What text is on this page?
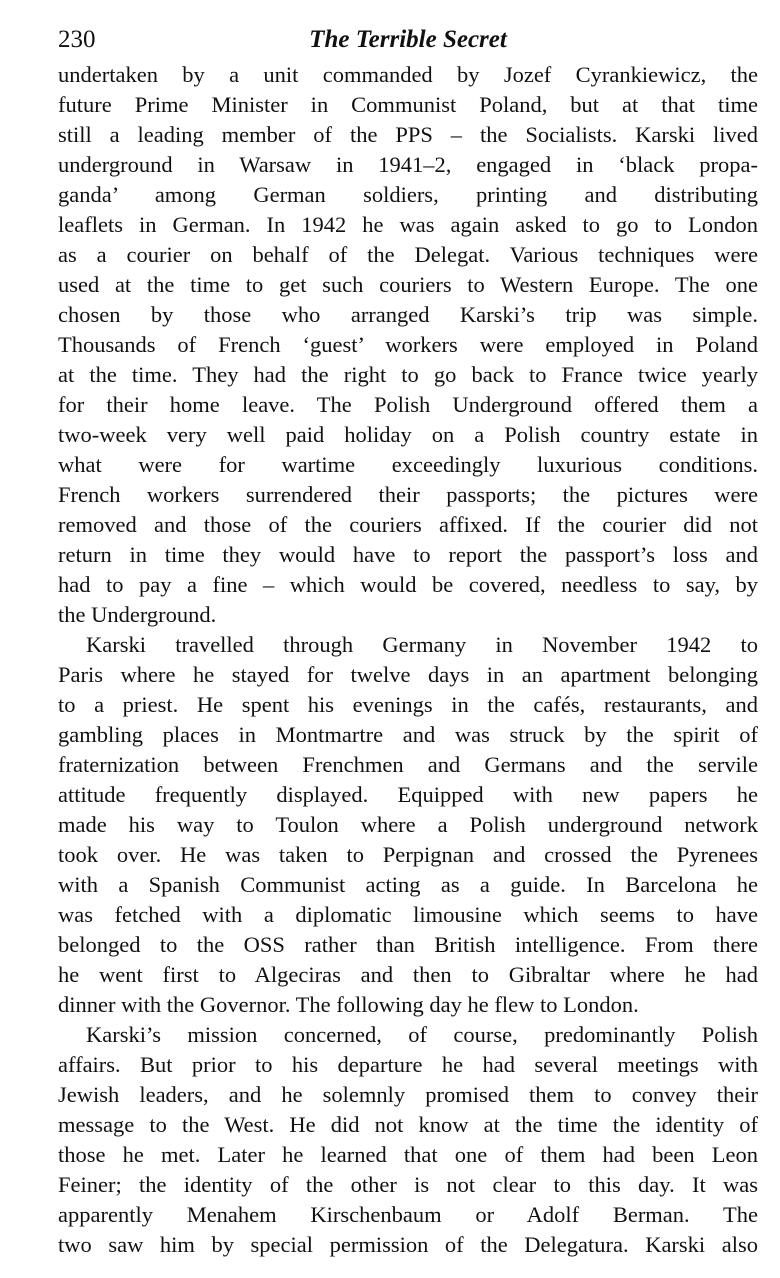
230	The Terrible Secret
undertaken by a unit commanded by Jozef Cyrankiewicz, the
future Prime Minister in Communist Poland, but at that time
still a leading member of the PPS – the Socialists. Karski lived
underground in Warsaw in 1941–2, engaged in ‘black propa-
ganda’ among German soldiers, printing and distributing
leaflets in German. In 1942 he was again asked to go to London
as a courier on behalf of the Delegat. Various techniques were
used at the time to get such couriers to Western Europe. The one
chosen by those who arranged Karski’s trip was simple.
Thousands of French ‘guest’ workers were employed in Poland
at the time. They had the right to go back to France twice yearly
for their home leave. The Polish Underground offered them a
two-week very well paid holiday on a Polish country estate in
what were for wartime exceedingly luxurious conditions.
French workers surrendered their passports; the pictures were
removed and those of the couriers affixed. If the courier did not
return in time they would have to report the passport’s loss and
had to pay a fine – which would be covered, needless to say, by
the Underground.
Karski travelled through Germany in November 1942 to
Paris where he stayed for twelve days in an apartment belonging
to a priest. He spent his evenings in the cafés, restaurants, and
gambling places in Montmartre and was struck by the spirit of
fraternization between Frenchmen and Germans and the servile
attitude frequently displayed. Equipped with new papers he
made his way to Toulon where a Polish underground network
took over. He was taken to Perpignan and crossed the Pyrenees
with a Spanish Communist acting as a guide. In Barcelona he
was fetched with a diplomatic limousine which seems to have
belonged to the OSS rather than British intelligence. From there
he went first to Algeciras and then to Gibraltar where he had
dinner with the Governor. The following day he flew to London.
Karski’s mission concerned, of course, predominantly Polish
affairs. But prior to his departure he had several meetings with
Jewish leaders, and he solemnly promised them to convey their
message to the West. He did not know at the time the identity of
those he met. Later he learned that one of them had been Leon
Feiner; the identity of the other is not clear to this day. It was
apparently Menahem Kirschenbaum or Adolf Berman. The
two saw him by special permission of the Delegatura. Karski also
